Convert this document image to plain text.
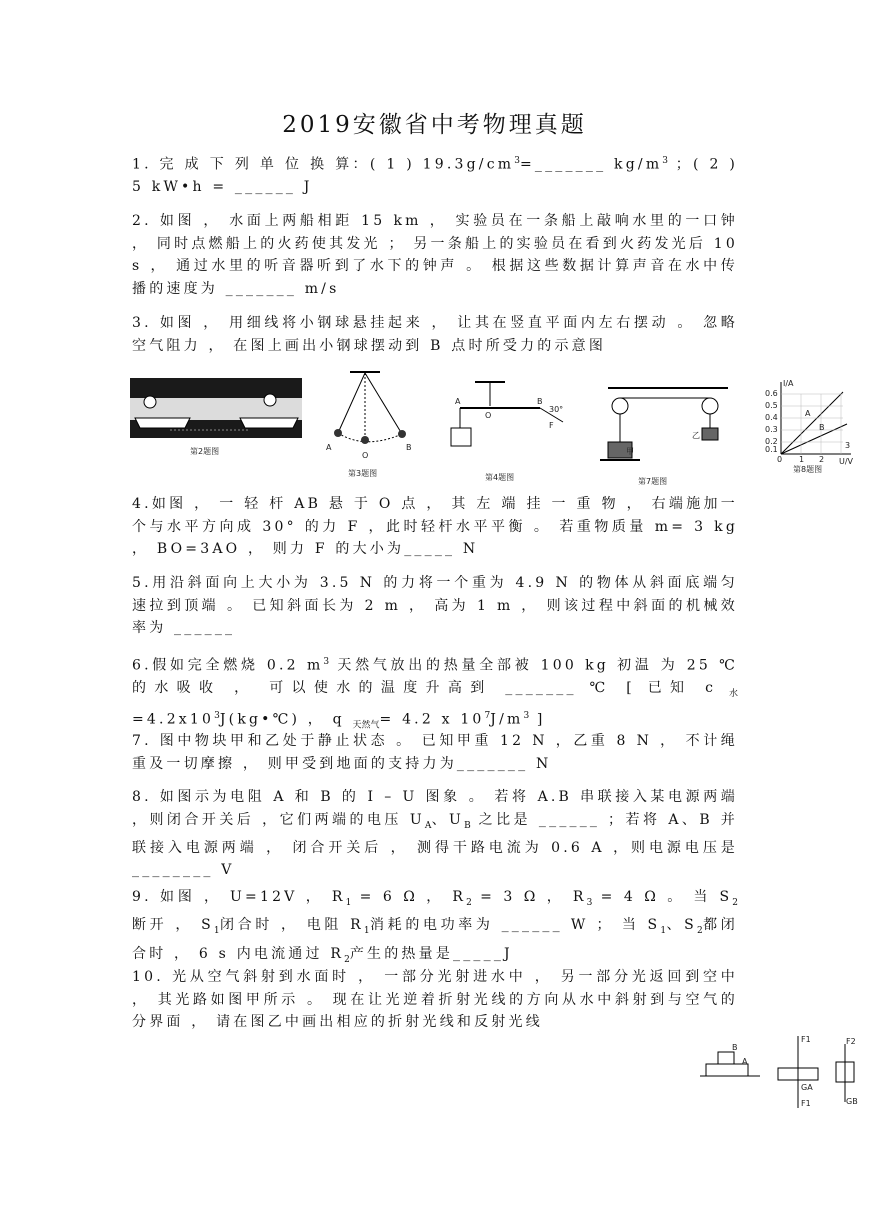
2019安徽省中考物理真题
1. 完 成 下 列 单 位 换 算：( 1 ) $19.3g/cm^3=\_\_\_\_\_\_\_$ $kg/m^3$ ；( 2 ) 5 kW•h = ______ J
2. 如图 ， 水面上两船相距 15 km ， 实验员在一条船上敲响水里的一口钟 ， 同时点燃船上的火药使其发光 ； 另一条船上的实验员在看到火药发光后 10 s ， 通过水里的听音器听到了水下的钟声 。 根据这些数据计算声音在水中传播的速度为 _______ m/s
3. 如图 ， 用细线将小钢球悬挂起来 ， 让其在竖直平面内左右摆动 。 忽略空气阻力 ， 在图上画出小钢球摆动到 B 点时所受力的示意图
第2题图	A
O
B
第3题图
A
O
B
F
30°
第4题图
甲
乙
第7题图
I/A
U/V
0.6
0.5
0.4
0.3
0.2
0.1
0 1 2
3
A
B
第8题图
4.如图 ， 一 轻 杆 AB 悬 于 O 点 ， 其 左 端 挂 一 重 物 ， 右端施加一个与水平方向成 30° 的力 F ，此时轻杆水平平衡 。 若重物质量 m= 3 kg ， BO=3AO ， 则力 F 的大小为_____ N
5.用沿斜面向上大小为 3.5 N 的力将一个重为 4.9 N 的物体从斜面底端匀速拉到顶端 。 已知斜面长为 2 m ， 高为 1 m ， 则该过程中斜面的机械效率为 ______
6.假如完全燃烧 0.2 $m^3$ 天然气放出的热量全部被 100 kg 初温 为 25 ℃ 的水吸收 ， 可以使水的温度升高到 _______ ℃ [ 已知 c $_水=4.2x10^3J(kg•℃)$ ， q $_{天然气}$= 4.2 x $10^7J/m^3$ ]
7. 图中物块甲和乙处于静止状态 。 已知甲重 12 N ，乙重 8 N ， 不计绳重及一切摩擦 ， 则甲受到地面的支持力为_______ N
8. 如图示为电阻 A 和 B 的 I – U 图象 。 若将 A.B 串联接入某电源两端 ，则闭合开关后 ，它们两端的电压 $U_A$、$U_B$ 之比是 ______ ；若将 A、B 并联接入电源两端 ， 闭合开关后 ， 测得干路电流为 0.6 A ，则电源电压是 ________ V
9. 如图 ， U=12V ， $R_1 = 6$ Ω ， $R_2 = 3$ Ω ， $R_3 = 4$ Ω 。 当 $S_2$ 断开 ， $S_1$闭合时 ， 电阻 $R_1$消耗的电功率为 ______ W ； 当 $S_1$、$S_2$都闭合时 ， 6 s 内电流通过 $R_2$产生的热量是_____J
10. 光从空气斜射到水面时 ， 一部分光射进水中 ， 另一部分光返回到空中 ， 其光路如图甲所示 。 现在让光逆着折射光线的方向从水中斜射到与空气的分界面 ， 请在图乙中画出相应的折射光线和反射光线
B
A
F1
GA
F1
F2
GB
